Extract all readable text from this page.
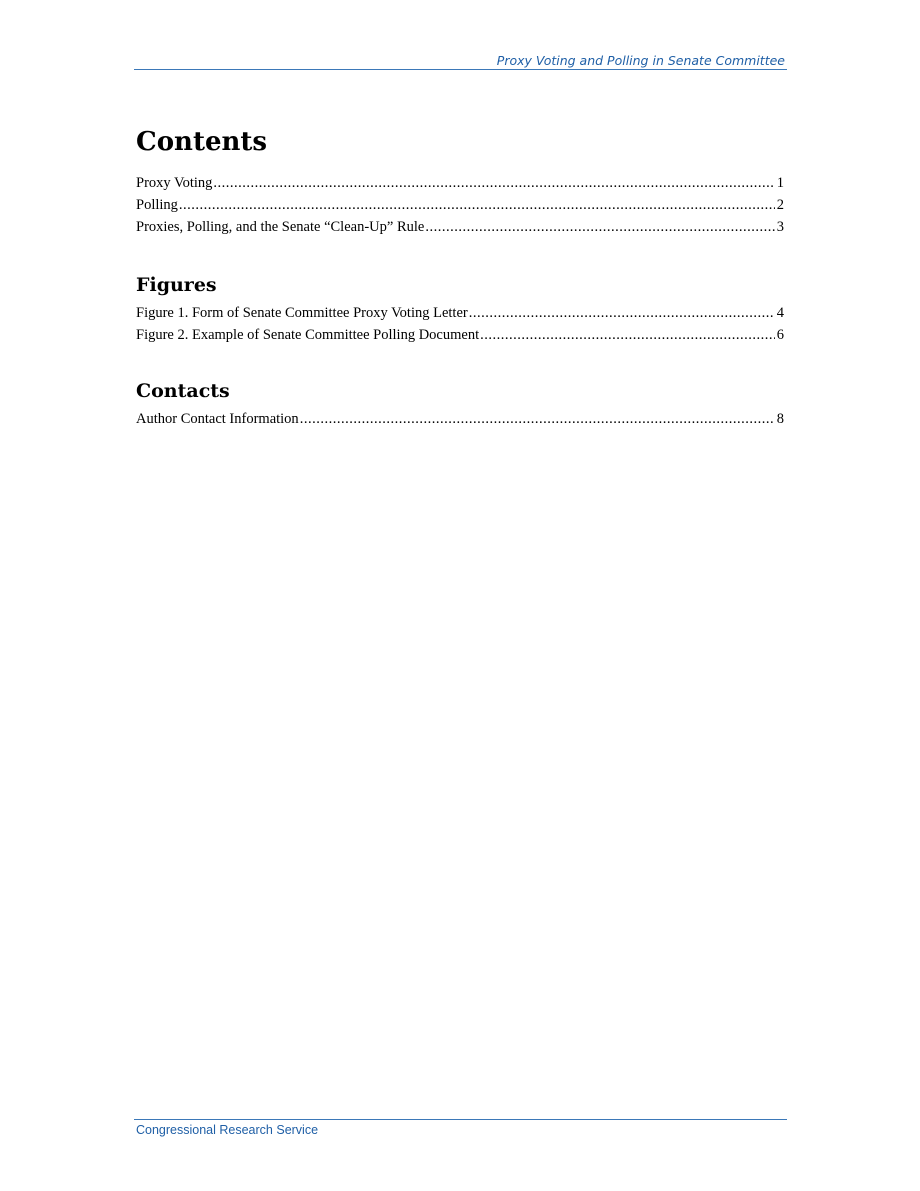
Proxy Voting and Polling in Senate Committee
Contents
Proxy Voting .....	1
Polling .....	2
Proxies, Polling, and the Senate “Clean-Up” Rule .....	3
Figures
Figure 1. Form of Senate Committee Proxy Voting Letter .....	4
Figure 2. Example of Senate Committee Polling Document .....	6
Contacts
Author Contact Information .....	8
Congressional Research Service
